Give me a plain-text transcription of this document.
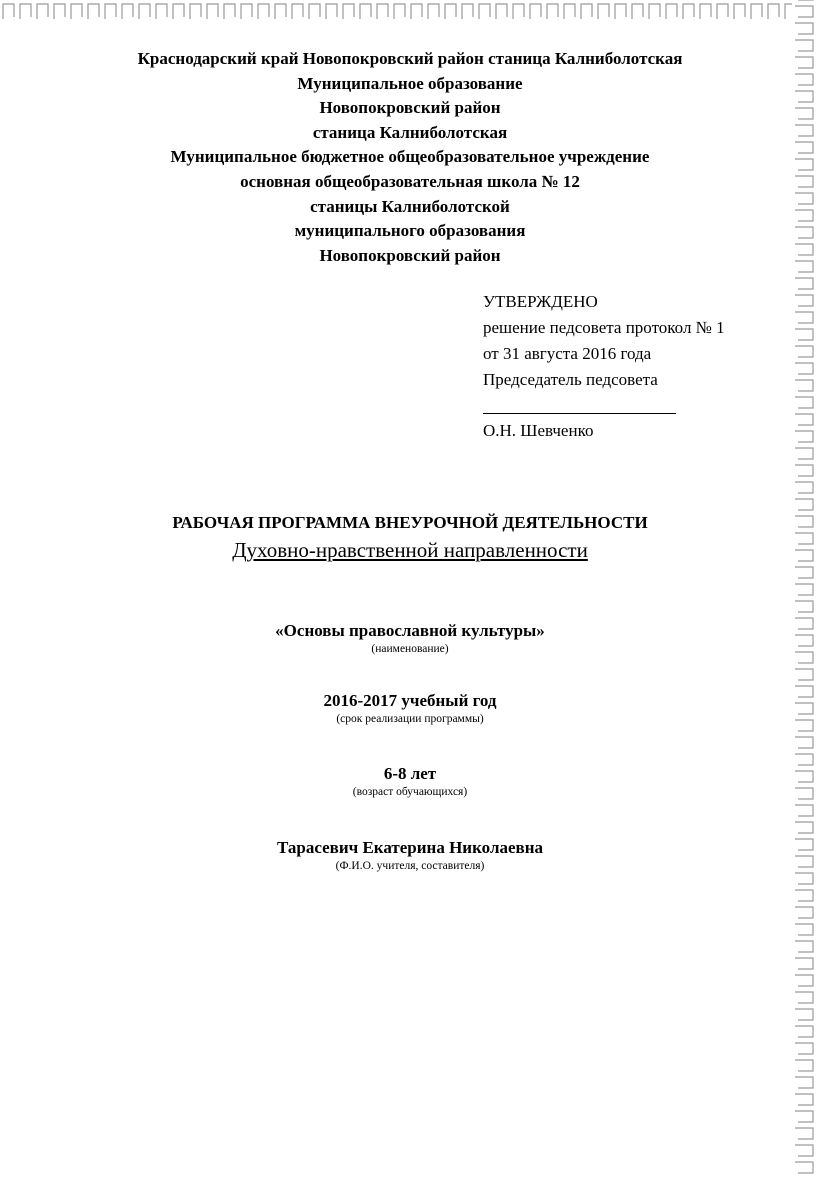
Краснодарский край Новопокровский район станица Калниболотская
Муниципальное образование
Новопокровский район
станица Калниболотская
Муниципальное бюджетное общеобразовательное учреждение
основная общеобразовательная школа № 12
станицы Калниболотской
муниципального образования
Новопокровский район
УТВЕРЖДЕНО
решение педсовета протокол № 1
от 31 августа 2016 года
Председатель педсовета
О.Н. Шевченко
РАБОЧАЯ ПРОГРАММА ВНЕУРОЧНОЙ ДЕЯТЕЛЬНОСТИ
Духовно-нравственной направленности
«Основы православной культуры»
(наименование)
2016-2017 учебный год
(срок реализации программы)
6-8 лет
(возраст обучающихся)
Тарасевич Екатерина Николаевна
(Ф.И.О. учителя, составителя)
